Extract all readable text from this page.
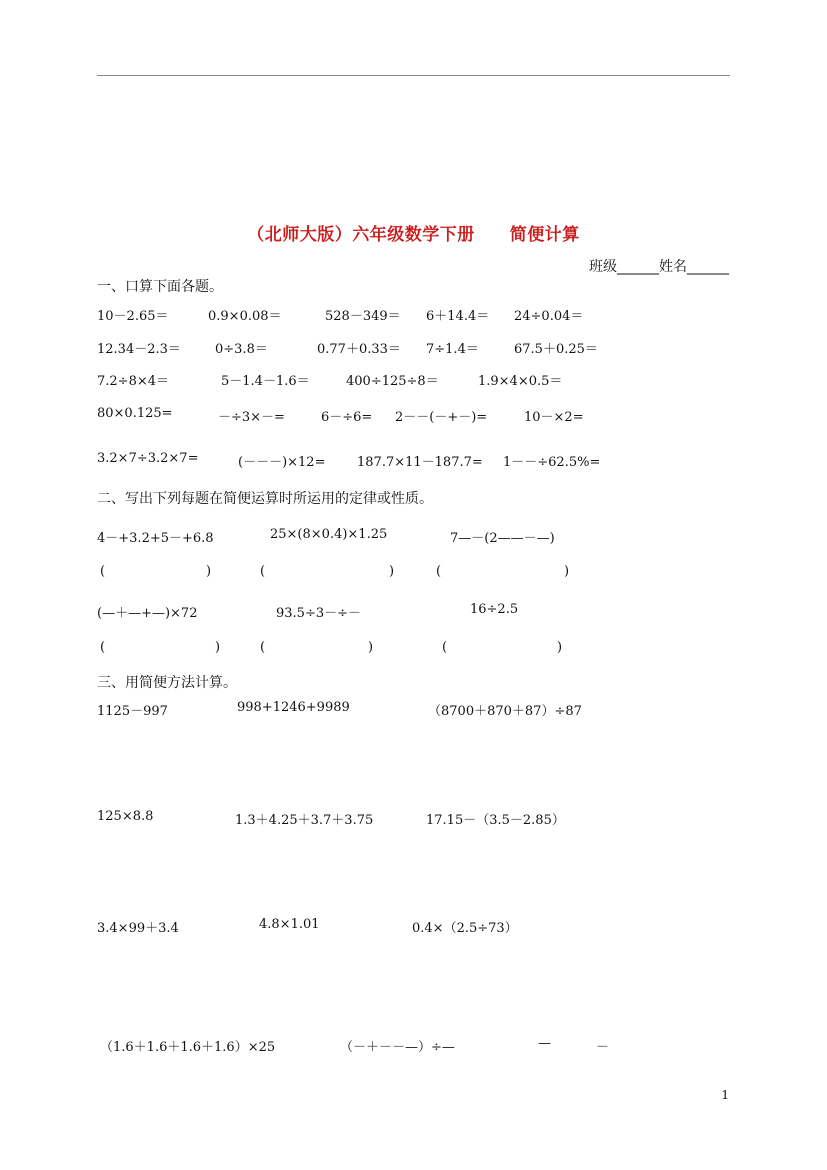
（北师大版）六年级数学下册　　简便计算
班级______姓名______
一、口算下面各题。
10－2.65＝	0.9×0.08＝	528－349＝ 6＋14.4＝ 24÷0.04＝
12.34－2.3＝	0÷3.8＝	0.77＋0.33＝ 7÷1.4＝	67.5＋0.25＝
7.2÷8×4＝	5－1.4－1.6＝	400÷125÷8＝	1.9×4×0.5＝
80×0.125=	－÷3×－=	6－÷6= 2－－(－+－)=	10－×2=
3.2×7÷3.2×7=	(－－－)×12= 187.7×11－187.7= 1－－÷62.5%=
二、写出下列每题在简便运算时所运用的定律或性质。
4－+3.2+5－+6.8	25×(8×0.4)×1.25	7—－(2——－—)
(	)	(	)	(	)
(—＋—+—)×72	93.5÷3－÷－	16÷2.5
(	)	(	)	(	)
三、用简便方法计算。
1125－997	998+1246+9989	（8700＋870＋87）÷87
125×8.8	1.3＋4.25＋3.7＋3.75	17.15－（3.5－2.85）
3.4×99＋3.4	4.8×1.01	0.4×（2.5÷73）
（1.6＋1.6＋1.6＋1.6）×25	（－＋－－—）÷—	—	－
1
